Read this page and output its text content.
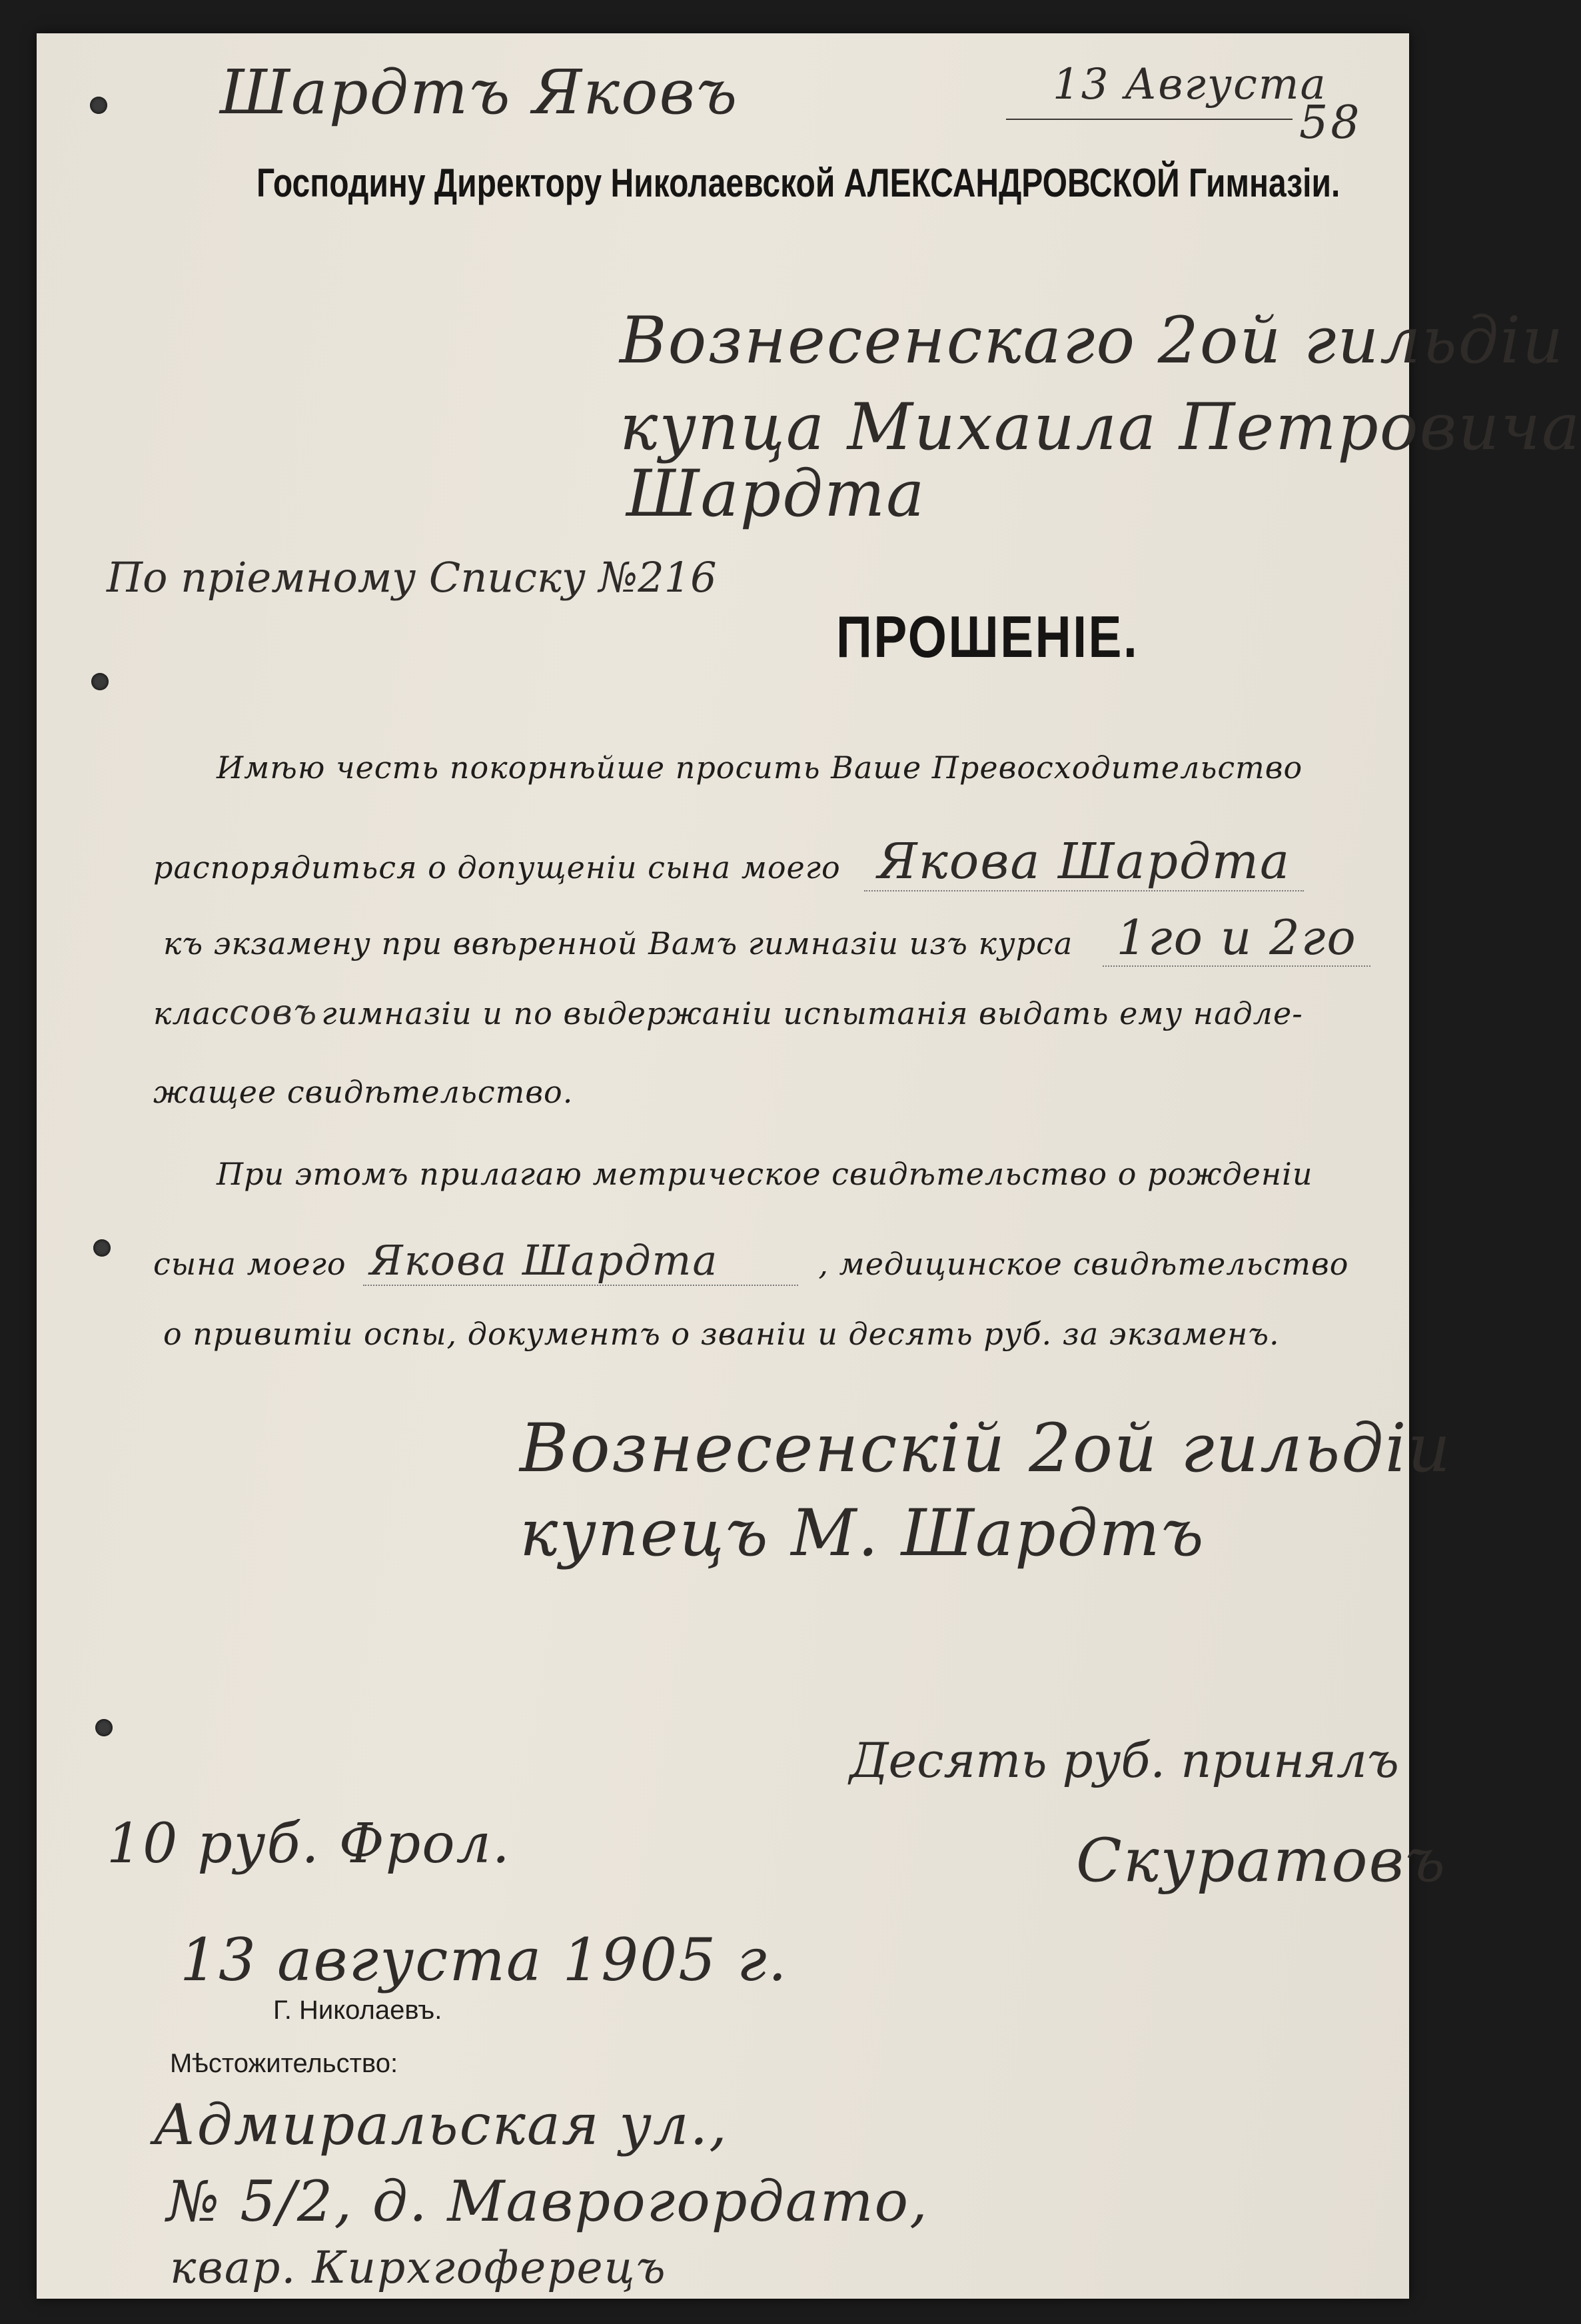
Шардтъ Яковъ	13 Августа
58
Господину Директору Николаевской АЛЕКСАНДРОВСКОЙ Гимназіи.
Вознесенскаго 2ой гильдіи
купца Михаила Петровича
Шардта
По пріемному Списку №216
ПРОШЕНІЕ.
Имѣю честь покорнѣйше просить Ваше Превосходительство
распорядиться о допущеніи сына моего Якова Шардта
къ экзамену при ввѣренной Вамъ гимназіи изъ курса 1го и 2го
классовъ гимназіи и по выдержаніи испытанія выдать ему надле-
жащее свидѣтельство.
При этомъ прилагаю метрическое свидѣтельство о рожденіи
сына моего Якова Шардта	, медицинское свидѣтельство
о привитіи оспы, документъ о званіи и десять руб. за экзаменъ.
Вознесенскій 2ой гильдіи
купецъ М. Шардтъ
Десять руб. принялъ
Скуратовъ
10 руб. Фрол.
13 августа 1905 г.
Г. Николаевъ.
Мѣстожительство:
Адмиральская ул.,
№ 5/2, д. Маврогордато,
квар. Кирхгоферецъ
